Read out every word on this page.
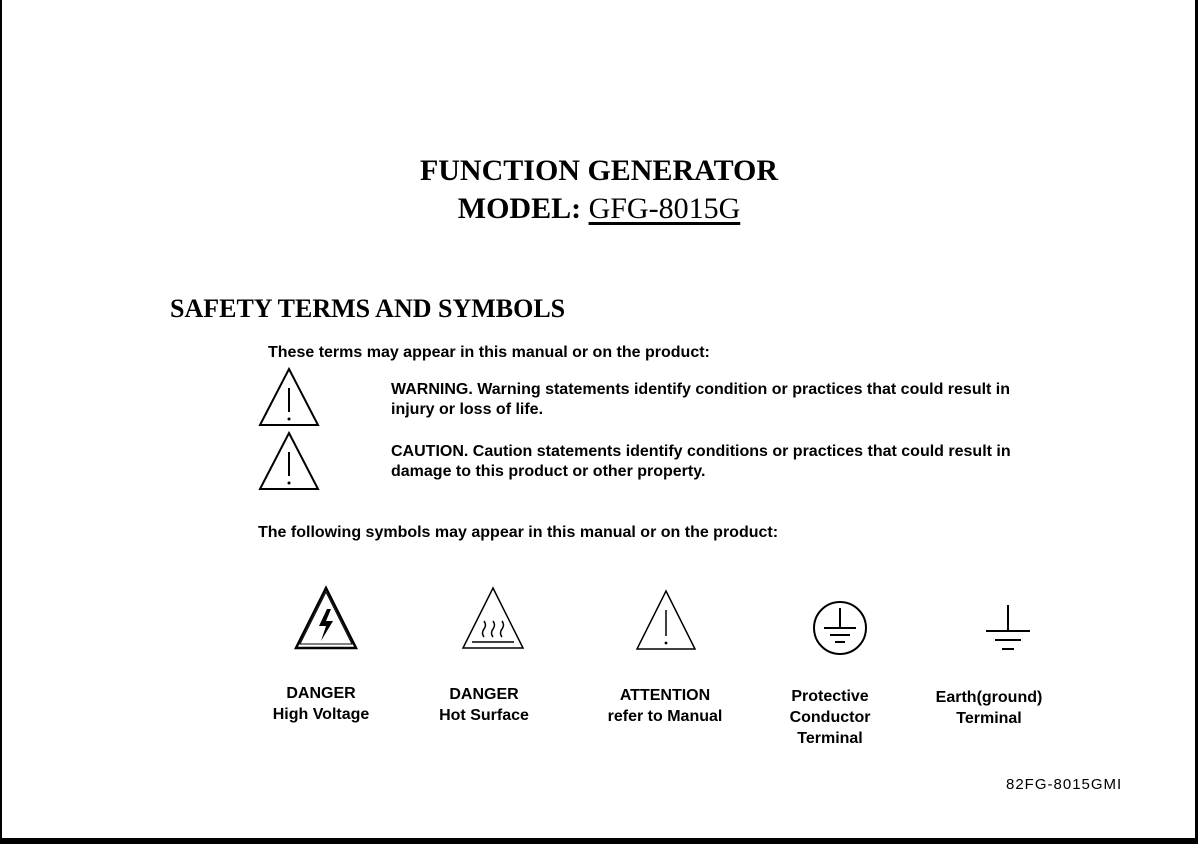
FUNCTION GENERATOR
MODEL: GFG-8015G
SAFETY TERMS AND SYMBOLS
These terms may appear in this manual or on the product:
WARNING. Warning statements identify condition or practices that could result in injury or loss of life.
CAUTION. Caution statements identify conditions or practices that could result in damage to this product or other property.
The following symbols may appear in this manual or on the product:
DANGER
High Voltage
DANGER
Hot Surface
ATTENTION
refer to Manual
Protective
Conductor
Terminal
Earth(ground)
Terminal
82FG-8015GMI
